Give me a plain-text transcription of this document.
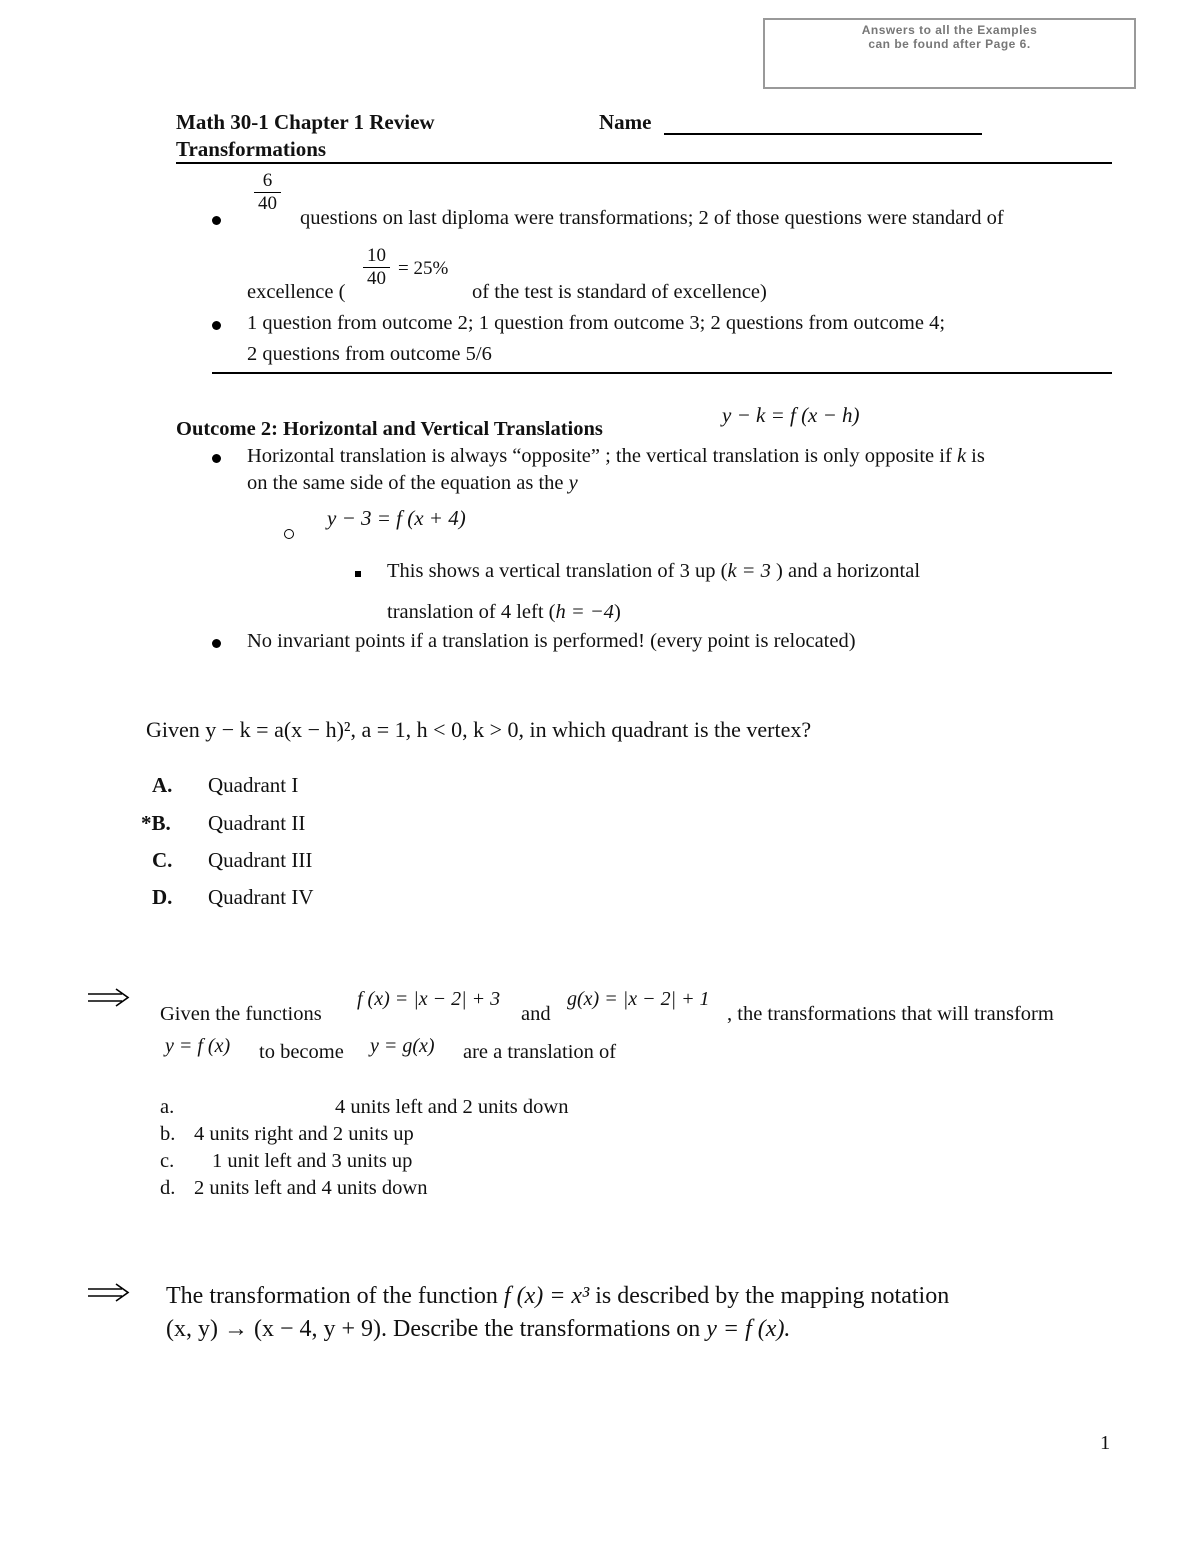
Answers to all the Examples
can be found after Page 6.
Math 30-1 Chapter 1 Review
Transformations
Name
$\frac{6}{40}$
questions on last diploma were transformations; 2 of those questions were standard of
excellence (
$\frac{10}{40} = 25\%$
of the test is standard of excellence)
1 question from outcome 2; 1 question from outcome 3; 2 questions from outcome 4;
2 questions from outcome 5/6
Outcome 2: Horizontal and Vertical Translations
y − k = f (x − h)
Horizontal translation is always “opposite” ; the vertical translation is only opposite if k is
on the same side of the equation as the y
y − 3 = f (x + 4)
This shows a vertical translation of 3 up (k = 3 ) and a horizontal
translation of 4 left (h = −4)
No invariant points if a translation is performed! (every point is relocated)
Given y − k = a(x − h)², a = 1, h < 0, k > 0, in which quadrant is the vertex?
A. Quadrant I
*B. Quadrant II
C. Quadrant III
D. Quadrant IV
Given the functions
f (x) = |x − 2| + 3
and
g(x) = |x − 2| + 1
, the transformations that will transform
y = f (x) to become y = g(x) are a translation of
a.	4 units left and 2 units down
b. 4 units right and 2 units up
c. 1 unit left and 3 units up
d. 2 units left and 4 units down
The transformation of the function f (x) = x³ is described by the mapping notation
(x, y) → (x − 4, y + 9). Describe the transformations on y = f (x).
1
